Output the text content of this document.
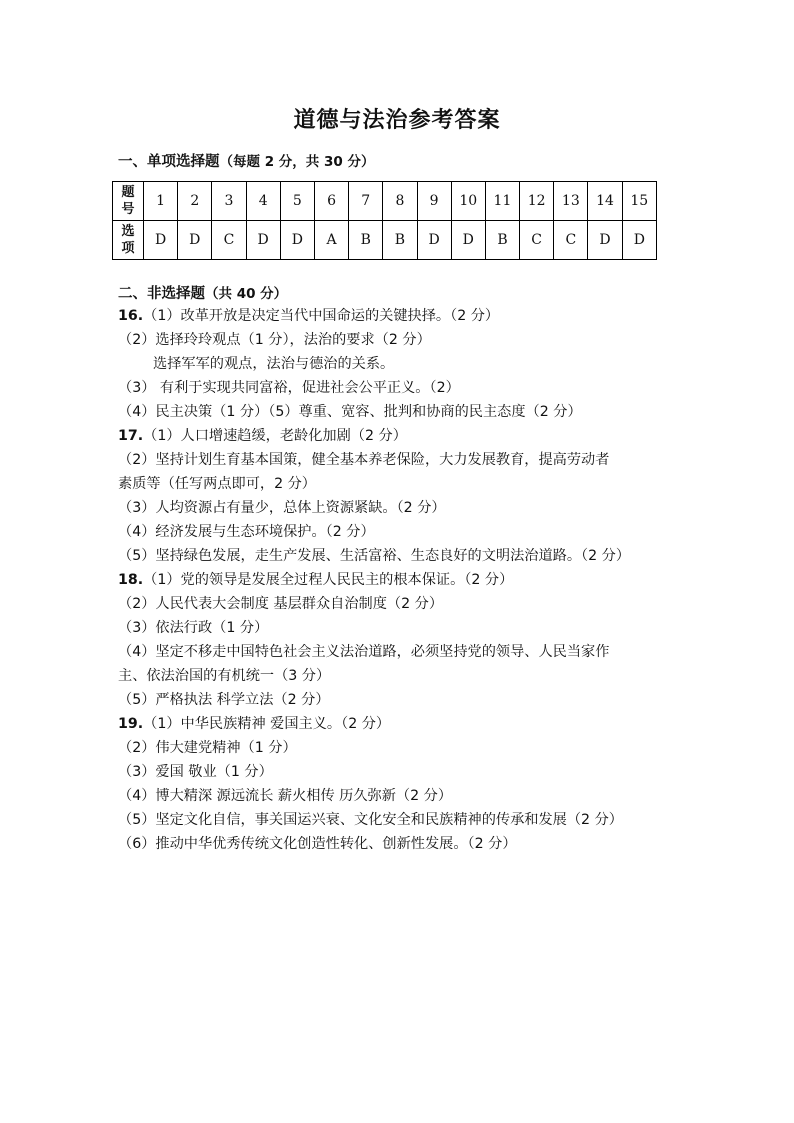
道德与法治参考答案
一、单项选择题（每题 2 分，共 30 分）
题
号	1	2	3	4	5	6	7	8	9	10	11	12	13	14	15

选
项	D	D	C	D	D	A	B	B	D	D	B	C	C	D	D
二、非选择题（共 40 分）
16.（1）改革开放是决定当代中国命运的关键抉择。（2 分）
（2）选择玲玲观点（1 分），法治的要求（2 分）
选择军军的观点，法治与德治的关系。
（3） 有利于实现共同富裕，促进社会公平正义。（2）
（4）民主决策（1 分）（5）尊重、宽容、批判和协商的民主态度（2 分）
17.（1）人口增速趋缓，老龄化加剧（2 分）
（2）坚持计划生育基本国策，健全基本养老保险，大力发展教育，提高劳动者
素质等（任写两点即可，2 分）
（3）人均资源占有量少，总体上资源紧缺。（2 分）
（4）经济发展与生态环境保护。（2 分）
（5）坚持绿色发展，走生产发展、生活富裕、生态良好的文明法治道路。（2 分）
18.（1）党的领导是发展全过程人民民主的根本保证。（2 分）
（2）人民代表大会制度 基层群众自治制度（2 分）
（3）依法行政（1 分）
（4）坚定不移走中国特色社会主义法治道路，必须坚持党的领导、人民当家作
主、依法治国的有机统一（3 分）
（5）严格执法 科学立法（2 分）
19.（1）中华民族精神 爱国主义。（2 分）
（2）伟大建党精神（1 分）
（3）爱国 敬业（1 分）
（4）博大精深 源远流长 薪火相传 历久弥新（2 分）
（5）坚定文化自信，事关国运兴衰、文化安全和民族精神的传承和发展（2 分）
（6）推动中华优秀传统文化创造性转化、创新性发展。（2 分）
